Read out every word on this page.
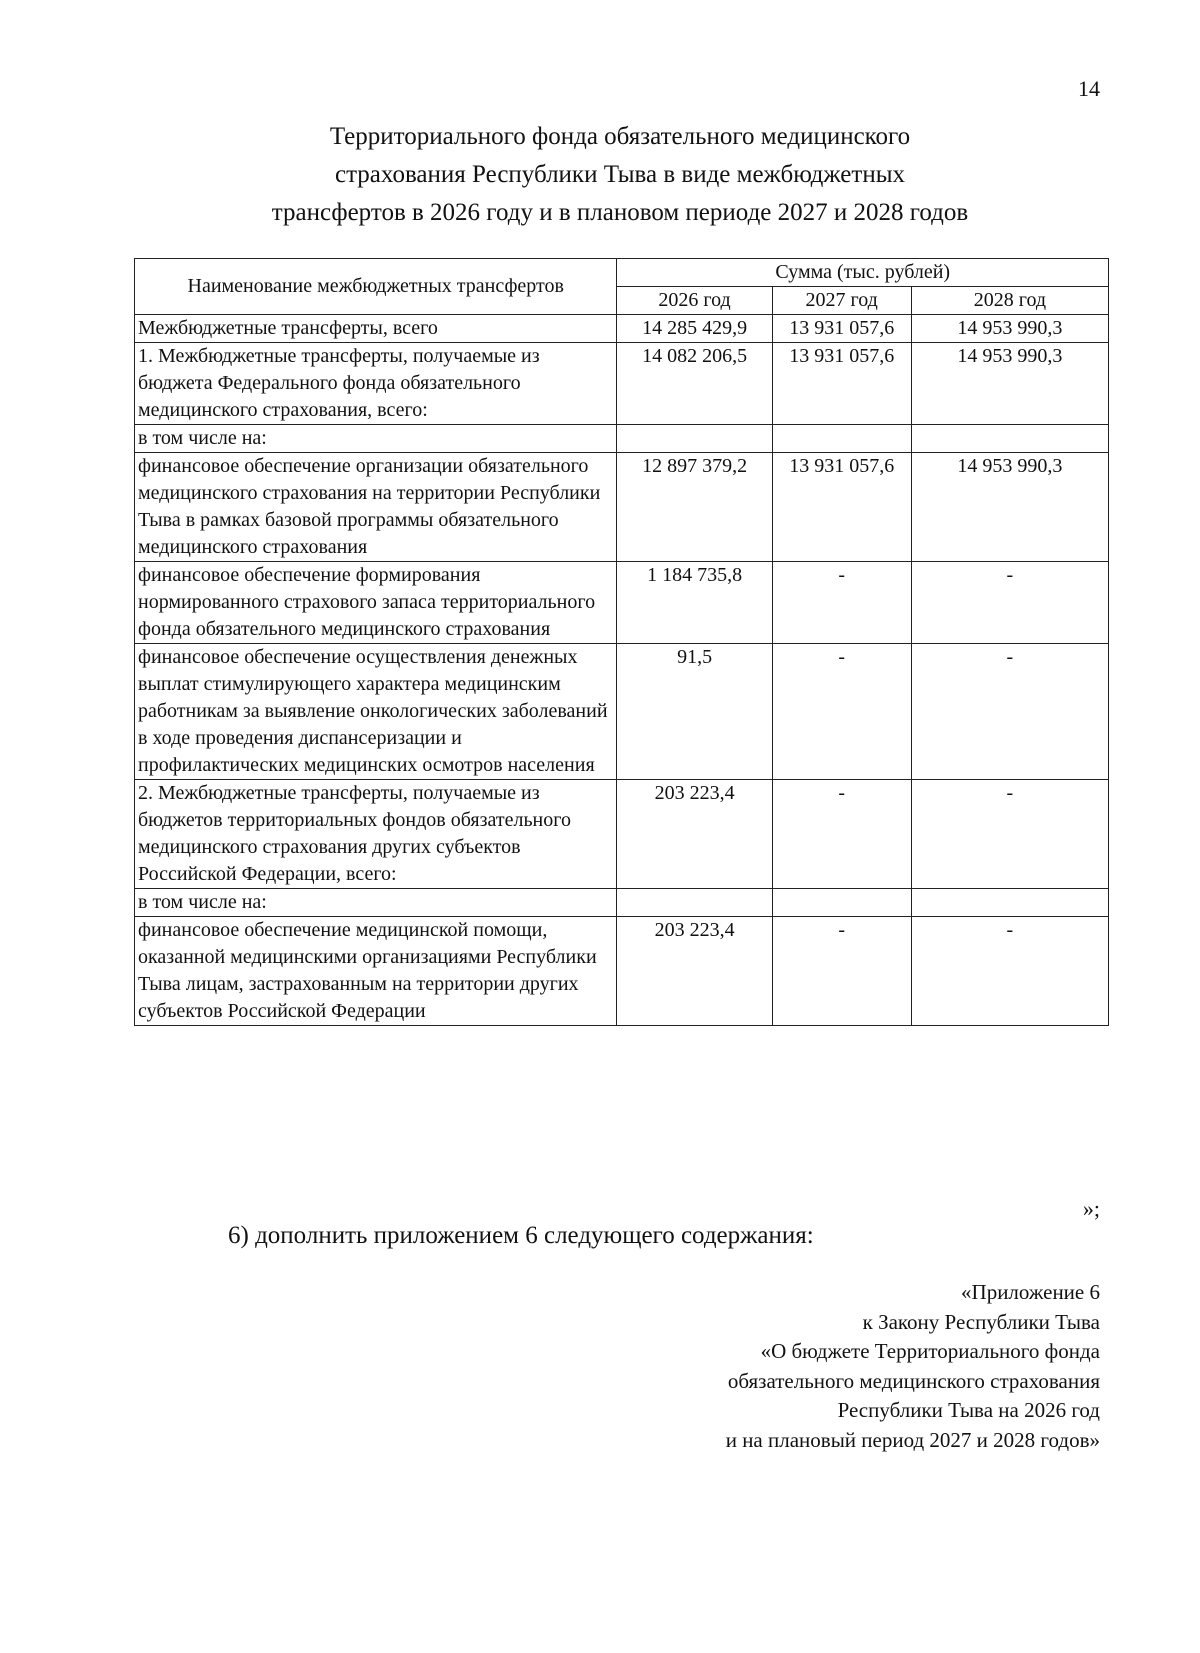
14
Территориального фонда обязательного медицинского
страхования Республики Тыва в виде межбюджетных
трансфертов в 2026 году и в плановом периоде 2027 и 2028 годов
Наименование межбюджетных трансфертов	Сумма (тыс. рублей)		
	2026 год	2027 год	2028 год
Межбюджетные трансферты, всего	14 285 429,9	13 931 057,6	14 953 990,3
1. Межбюджетные трансферты, получаемые из бюджета Федерального фонда обязательного медицинского страхования, всего:	14 082 206,5	13 931 057,6	14 953 990,3
в том числе на:			
финансовое обеспечение организации обязательного медицинского страхования на территории Республики Тыва в рамках базовой программы обязательного медицинского страхования	12 897 379,2	13 931 057,6	14 953 990,3
финансовое обеспечение формирования нормированного страхового запаса территориального фонда обязательного медицинского страхования	1 184 735,8	-	-
финансовое обеспечение осуществления денежных выплат стимулирующего характера медицинским работникам за выявление онкологических заболеваний в ходе проведения диспансеризации и профилактических медицинских осмотров населения	91,5	-	-
2. Межбюджетные трансферты, получаемые из бюджетов территориальных фондов обязательного медицинского страхования других субъектов Российской Федерации, всего:	203 223,4	-	-
в том числе на:			
финансовое обеспечение медицинской помощи, оказанной медицинскими организациями Республики Тыва лицам, застрахованным на территории других субъектов Российской Федерации	203 223,4	-	-
»;
6) дополнить приложением 6 следующего содержания:
«Приложение 6
к Закону Республики Тыва
«О бюджете Территориального фонда
обязательного медицинского страхования
Республики Тыва на 2026 год
и на плановый период 2027 и 2028 годов»
